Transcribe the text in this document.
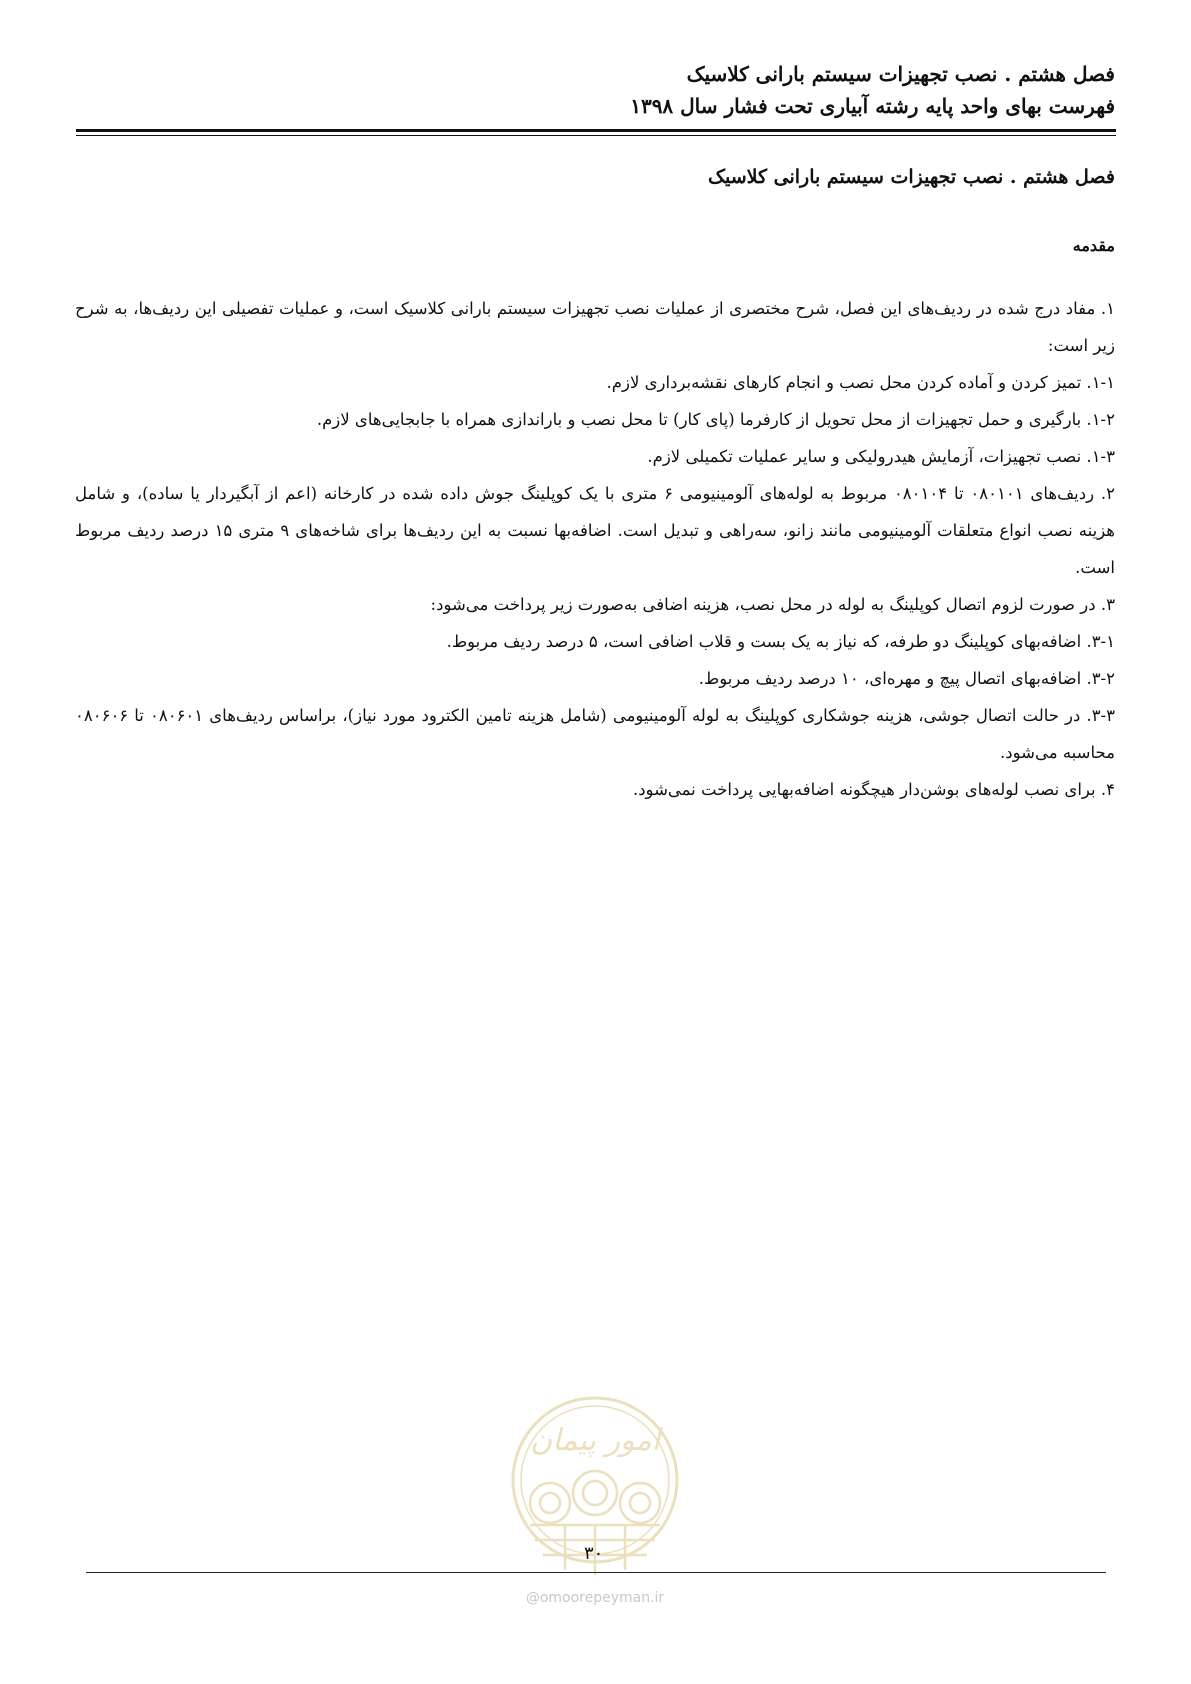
فصل هشتم . نصب تجهیزات سیستم بارانی کلاسیک
فهرست بهای واحد پایه رشته آبیاری تحت فشار سال ۱۳۹۸
فصل هشتم . نصب تجهیزات سیستم بارانی کلاسیک
مقدمه

۱. مفاد درج شده در ردیف‌های این فصل، شرح مختصری از عملیات نصب تجهیزات سیستم بارانی کلاسیک است، و عملیات تفصیلی این ردیف‌ها، به شرح زیر است:

۱-۱. تمیز کردن و آماده کردن محل نصب و انجام کارهای نقشه‌برداری لازم.

۱-۲. بارگیری و حمل تجهیزات از محل تحویل از کارفرما (پای کار) تا محل نصب و باراندازی همراه با جابجایی‌های لازم.

۱-۳. نصب تجهیزات، آزمایش هیدرولیکی و سایر عملیات تکمیلی لازم.

۲. ردیف‌های ۰۸۰۱۰۱ تا ۰۸۰۱۰۴ مربوط به لوله‌های آلومینیومی ۶ متری با یک کوپلینگ جوش داده شده در کارخانه (اعم از آبگیردار یا ساده)، و شامل هزینه نصب انواع متعلقات آلومینیومی مانند زانو، سه‌راهی و تبدیل است. اضافه‌بها نسبت به این ردیف‌ها برای شاخه‌های ۹ متری ۱۵ درصد ردیف مربوط است.

۳. در صورت لزوم اتصال کوپلینگ به لوله در محل نصب، هزینه اضافی به‌صورت زیر پرداخت می‌شود:

۳-۱. اضافه‌بهای کوپلینگ دو طرفه، که نیاز به یک بست و قلاب اضافی است، ۵ درصد ردیف مربوط.

۳-۲. اضافه‌بهای اتصال پیچ و مهره‌ای، ۱۰ درصد ردیف مربوط.

۳-۳. در حالت اتصال جوشی، هزینه جوشکاری کوپلینگ به لوله آلومینیومی (شامل هزینه تامین الکترود مورد نیاز)، براساس ردیف‌های ۰۸۰۶۰۱ تا ۰۸۰۶۰۶ محاسبه می‌شود.

۴. برای نصب لوله‌های بوشن‌دار هیچگونه اضافه‌بهایی پرداخت نمی‌شود.

امور پیمان
۳۰
@omoorepeyman.ir
